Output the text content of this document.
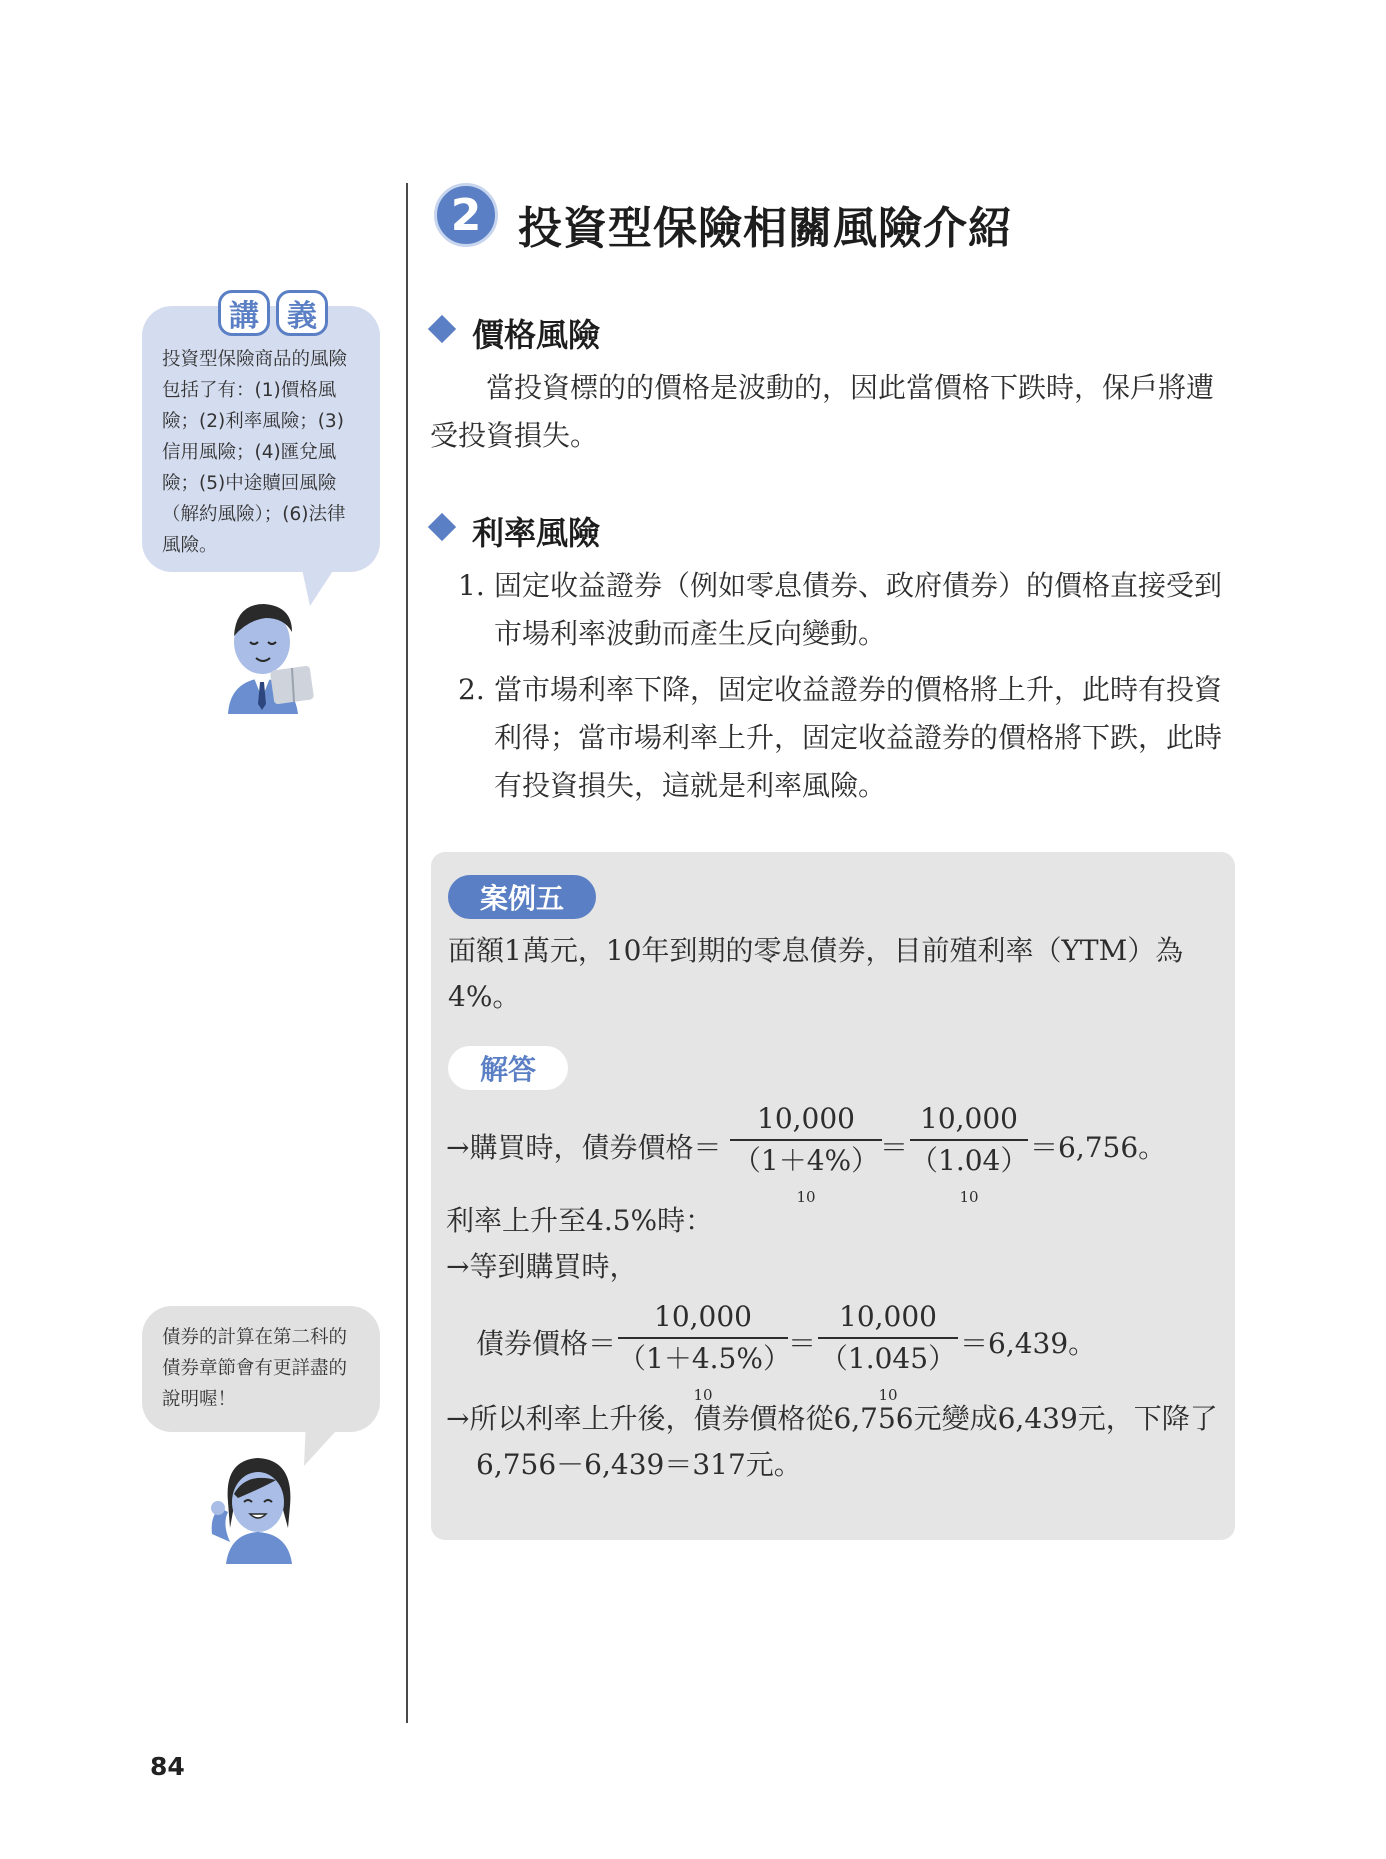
2 投資型保險相關風險介紹
價格風險
當投資標的的價格是波動的，因此當價格下跌時，保戶將遭
受投資損失。
利率風險
1. 固定收益證券（例如零息債券、政府債券）的價格直接受到
市場利率波動而產生反向變動。
2. 當市場利率下降，固定收益證券的價格將上升，此時有投資
利得；當市場利率上升，固定收益證券的價格將下跌，此時
有投資損失，這就是利率風險。
案例五
面額1萬元，10年到期的零息債券，目前殖利率（YTM）為
4%。
解答
→購買時，債券價格＝
10,000
$(1+4\%)^{10}$
＝
10,000
$(1.04)^{10}$
＝6,756。
利率上升至4.5%時：
→等到購買時，
債券價格＝
10,000
$(1+4.5\%)^{10}$
＝
10,000
$(1.045)^{10}$
＝6,439。
→所以利率上升後，債券價格從6,756元變成6,439元，下降了
6,756－6,439＝317元。
講 義
投資型保險商品的風險
包括了有：(1)價格風
險；(2)利率風險；(3)
信用風險；(4)匯兌風
險；(5)中途贖回風險
（解約風險）；(6)法律
風險。
債券的計算在第二科的
債券章節會有更詳盡的
說明喔！
84
